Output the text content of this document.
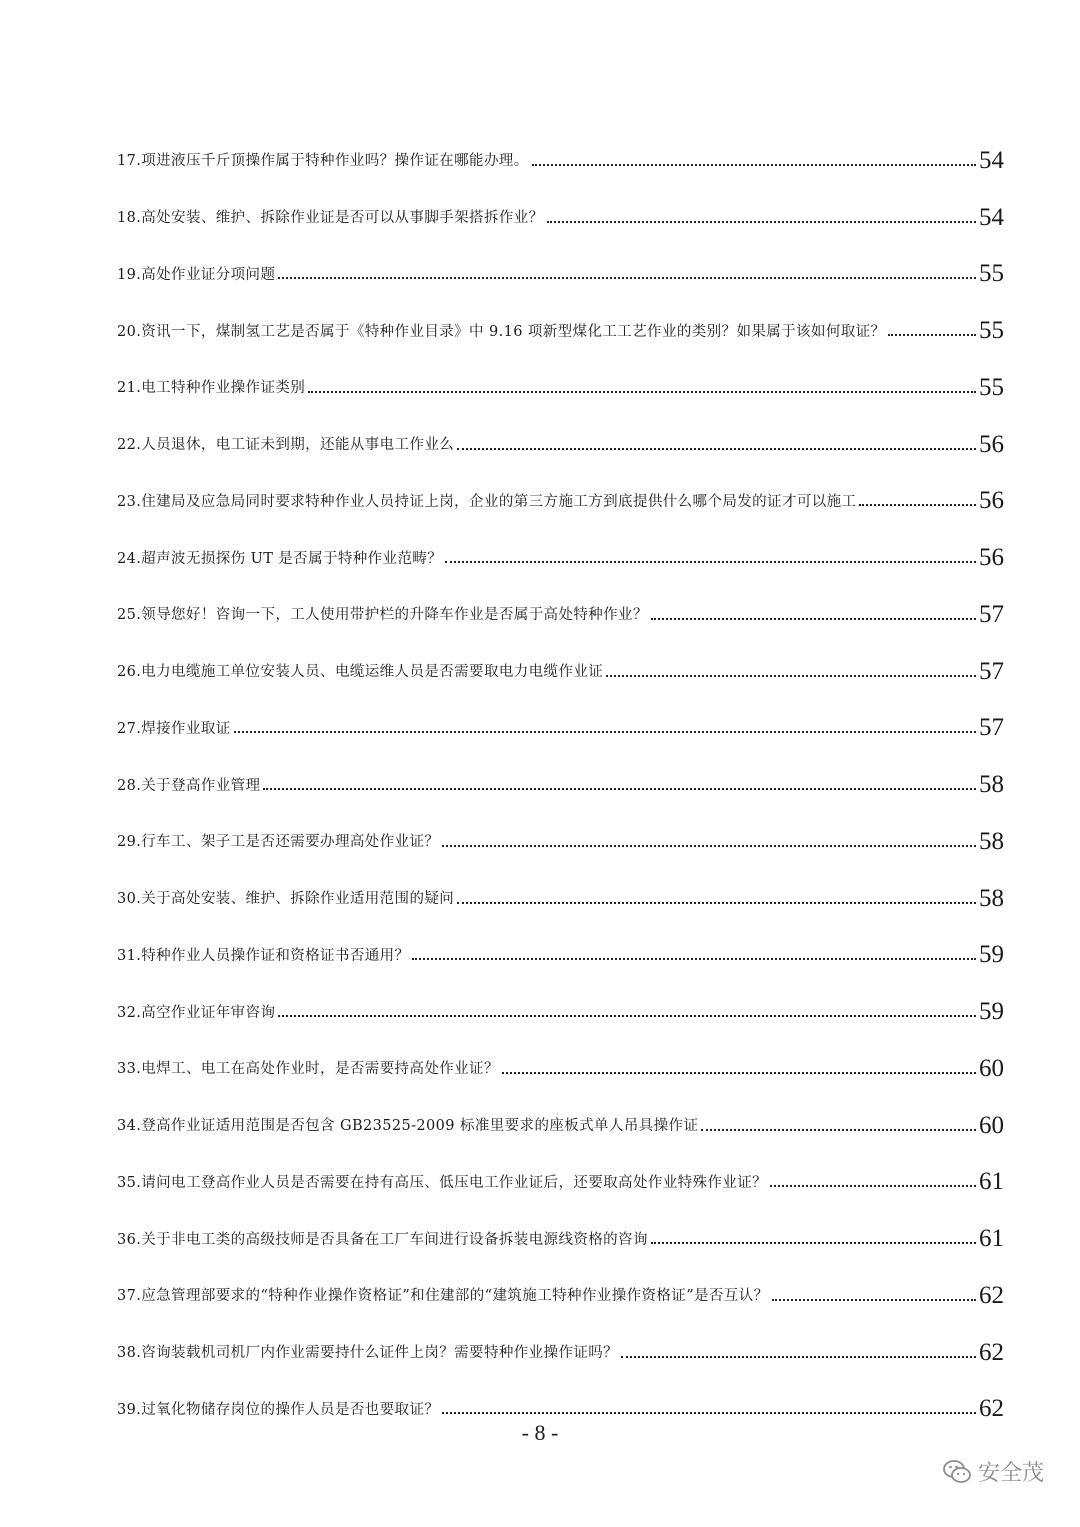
17.项进液压千斤顶操作属于特种作业吗？操作证在哪能办理。	54
18.高处安装、维护、拆除作业证是否可以从事脚手架搭拆作业？	54
19.高处作业证分项问题	55
20.资讯一下，煤制氢工艺是否属于《特种作业目录》中 9.16 项新型煤化工工艺作业的类别？如果属于该如何取证？	55
21.电工特种作业操作证类别	55
22.人员退休，电工证未到期，还能从事电工作业么	56
23.住建局及应急局同时要求特种作业人员持证上岗，企业的第三方施工方到底提供什么哪个局发的证才可以施工	56
24.超声波无损探伤 UT 是否属于特种作业范畴？	56
25.领导您好！咨询一下，工人使用带护栏的升降车作业是否属于高处特种作业？	57
26.电力电缆施工单位安装人员、电缆运维人员是否需要取电力电缆作业证	57
27.焊接作业取证	57
28.关于登高作业管理	58
29.行车工、架子工是否还需要办理高处作业证？	58
30.关于高处安装、维护、拆除作业适用范围的疑问	58
31.特种作业人员操作证和资格证书否通用？	59
32.高空作业证年审咨询	59
33.电焊工、电工在高处作业时，是否需要持高处作业证？	60
34.登高作业证适用范围是否包含 GB23525-2009 标准里要求的座板式单人吊具操作证	60
35.请问电工登高作业人员是否需要在持有高压、低压电工作业证后，还要取高处作业特殊作业证？	61
36.关于非电工类的高级技师是否具备在工厂车间进行设备拆装电源线资格的咨询	61
37.应急管理部要求的“特种作业操作资格证”和住建部的“建筑施工特种作业操作资格证”是否互认？	62
38.咨询装载机司机厂内作业需要持什么证件上岗？需要特种作业操作证吗？	62
39.过氧化物储存岗位的操作人员是否也要取证？	62
- 8 -
安全茂
